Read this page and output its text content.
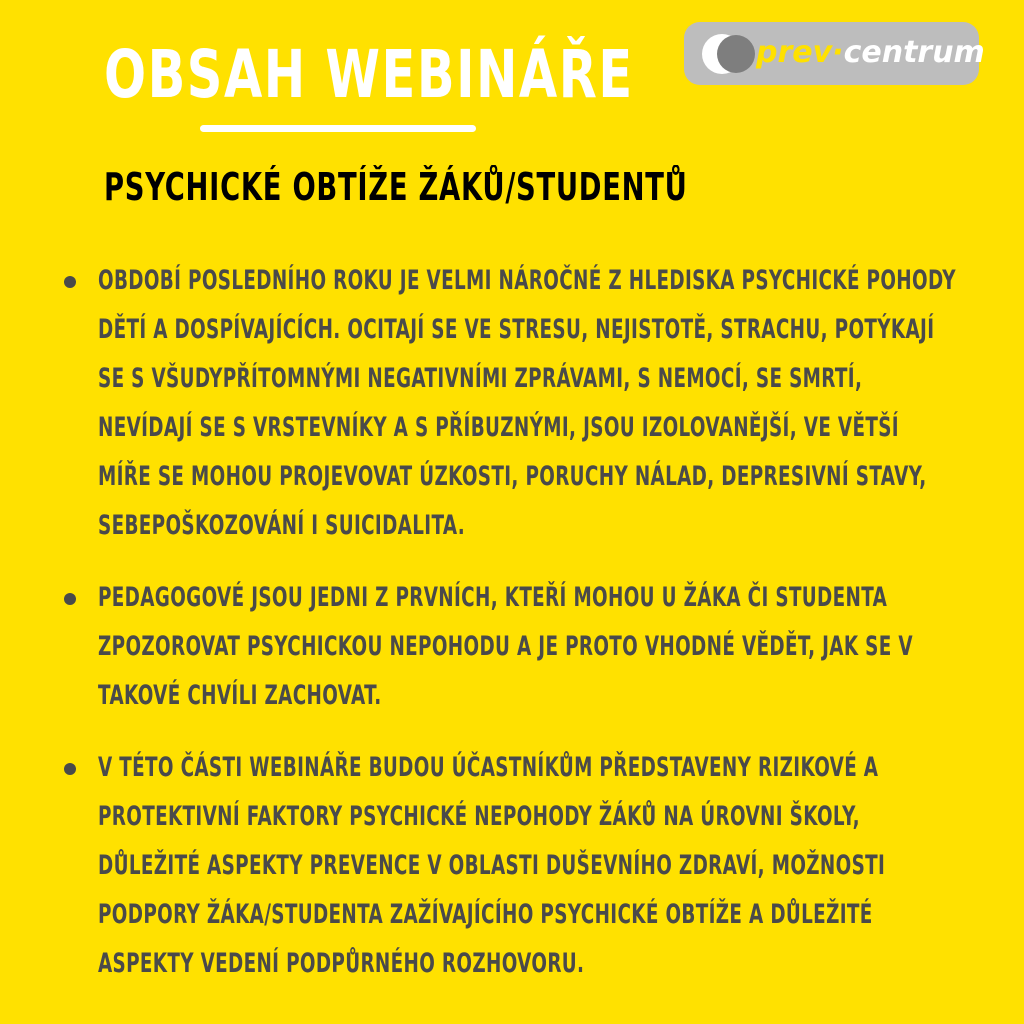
OBSAH WEBINÁŘE	prev·centrum
PSYCHICKÉ OBTÍŽE ŽÁKŮ/STUDENTŮ
OBDOBÍ POSLEDNÍHO ROKU JE VELMI NÁROČNÉ Z HLEDISKA PSYCHICKÉ POHODY
DĚTÍ A DOSPÍVAJÍCÍCH. OCITAJÍ SE VE STRESU, NEJISTOTĚ, STRACHU, POTÝKAJÍ
SE S VŠUDYPŘÍTOMNÝMI NEGATIVNÍMI ZPRÁVAMI, S NEMOCÍ, SE SMRTÍ,
NEVÍDAJÍ SE S VRSTEVNÍKY A S PŘÍBUZNÝMI, JSOU IZOLOVANĚJŠÍ, VE VĚTŠÍ
MÍŘE SE MOHOU PROJEVOVAT ÚZKOSTI, PORUCHY NÁLAD, DEPRESIVNÍ STAVY,
SEBEPOŠKOZOVÁNÍ I SUICIDALITA.
PEDAGOGOVÉ JSOU JEDNI Z PRVNÍCH, KTEŘÍ MOHOU U ŽÁKA ČI STUDENTA
ZPOZOROVAT PSYCHICKOU NEPOHODU A JE PROTO VHODNÉ VĚDĚT, JAK SE V
TAKOVÉ CHVÍLI ZACHOVAT.
V TÉTO ČÁSTI WEBINÁŘE BUDOU ÚČASTNÍKŮM PŘEDSTAVENY RIZIKOVÉ A
PROTEKTIVNÍ FAKTORY PSYCHICKÉ NEPOHODY ŽÁKŮ NA ÚROVNI ŠKOLY,
DŮLEŽITÉ ASPEKTY PREVENCE V OBLASTI DUŠEVNÍHO ZDRAVÍ, MOŽNOSTI
PODPORY ŽÁKA/STUDENTA ZAŽÍVAJÍCÍHO PSYCHICKÉ OBTÍŽE A DŮLEŽITÉ
ASPEKTY VEDENÍ PODPŮRNÉHO ROZHOVORU.
